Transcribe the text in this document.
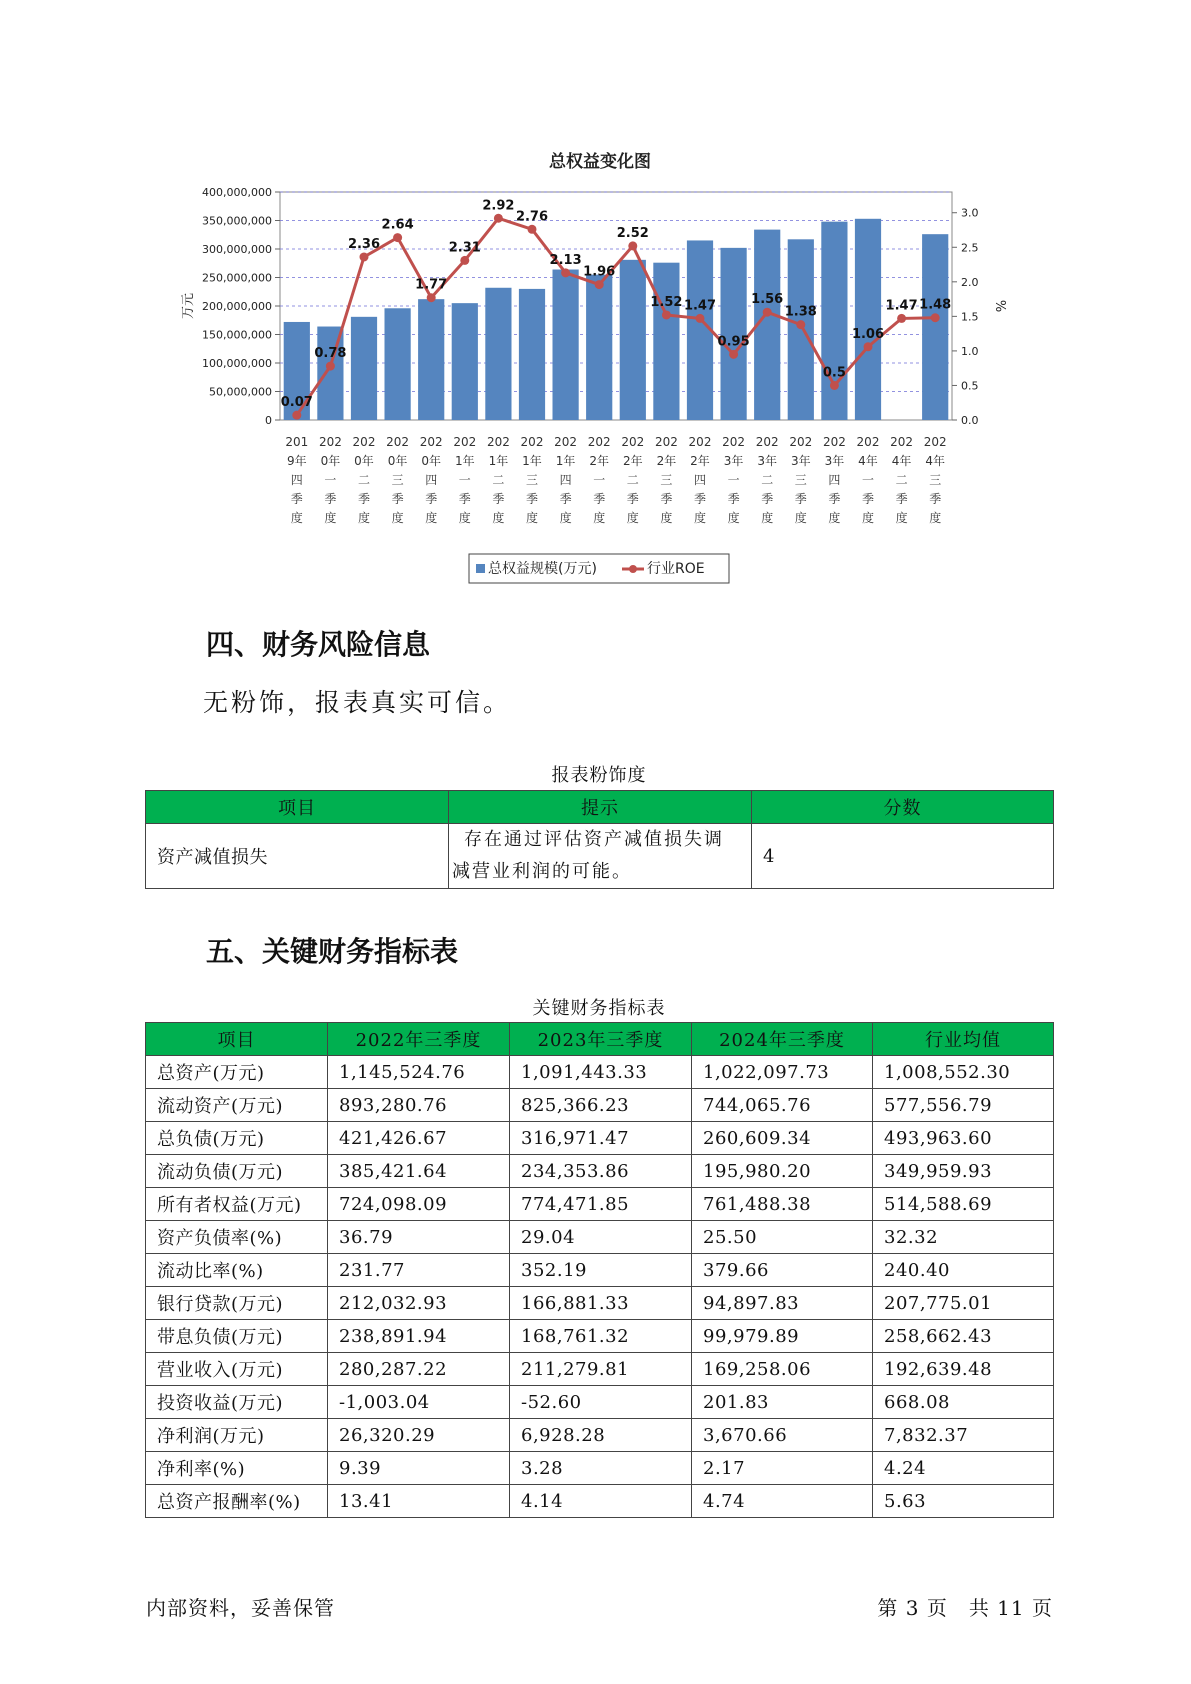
总权益变化图
0.07
0.78
2.36
2.64
1.77
2.31
2.92
2.76
2.13
1.96
2.52
1.52 1.47
0.95
1.56
1.38
0.5
1.06
1.47 1.48
0
50,000,000
100,000,000
150,000,000
200,000,000
250,000,000
300,000,000
350,000,000
400,000,000
0.0
0.5
1.0
1.5
2.0
2.5
3.0
201 9年四季度
202 0年一季度
202 0年二季度
202 0年三季度
202 0年四季度
202 1年一季度
202 1年二季度
202 1年三季度
202 1年四季度
202 2年一季度
202 2年二季度
202 2年三季度
202 2年四季度
202 3年一季度
202 3年二季度
202 3年三季度
202 3年四季度
202 4年一季度
202 4年二季度
202 4年三季度
万元	%
总权益规模(万元)	行业ROE
四、财务风险信息

无粉饰，报表真实可信。

报表粉饰度
项目	提示	分数
资产减值损失	存在通过评估资产减值损失调减营业利润的可能。	4
五、关键财务指标表
关键财务指标表
项目	2022年三季度	2023年三季度	2024年三季度	行业均值
总资产(万元)	1,145,524.76	1,091,443.33	1,022,097.73	1,008,552.30
流动资产(万元)	893,280.76	825,366.23	744,065.76	577,556.79
总负债(万元)	421,426.67	316,971.47	260,609.34	493,963.60
流动负债(万元)	385,421.64	234,353.86	195,980.20	349,959.93
所有者权益(万元)	724,098.09	774,471.85	761,488.38	514,588.69
资产负债率(%)	36.79	29.04	25.50	32.32
流动比率(%)	231.77	352.19	379.66	240.40
银行贷款(万元)	212,032.93	166,881.33	94,897.83	207,775.01
带息负债(万元)	238,891.94	168,761.32	99,979.89	258,662.43
营业收入(万元)	280,287.22	211,279.81	169,258.06	192,639.48
投资收益(万元)	-1,003.04	-52.60	201.83	668.08
净利润(万元)	26,320.29	6,928.28	3,670.66	7,832.37
净利率(%)	9.39	3.28	2.17	4.24
总资产报酬率(%)	13.41	4.14	4.74	5.63
内部资料，妥善保管	第 3 页　共 11 页
